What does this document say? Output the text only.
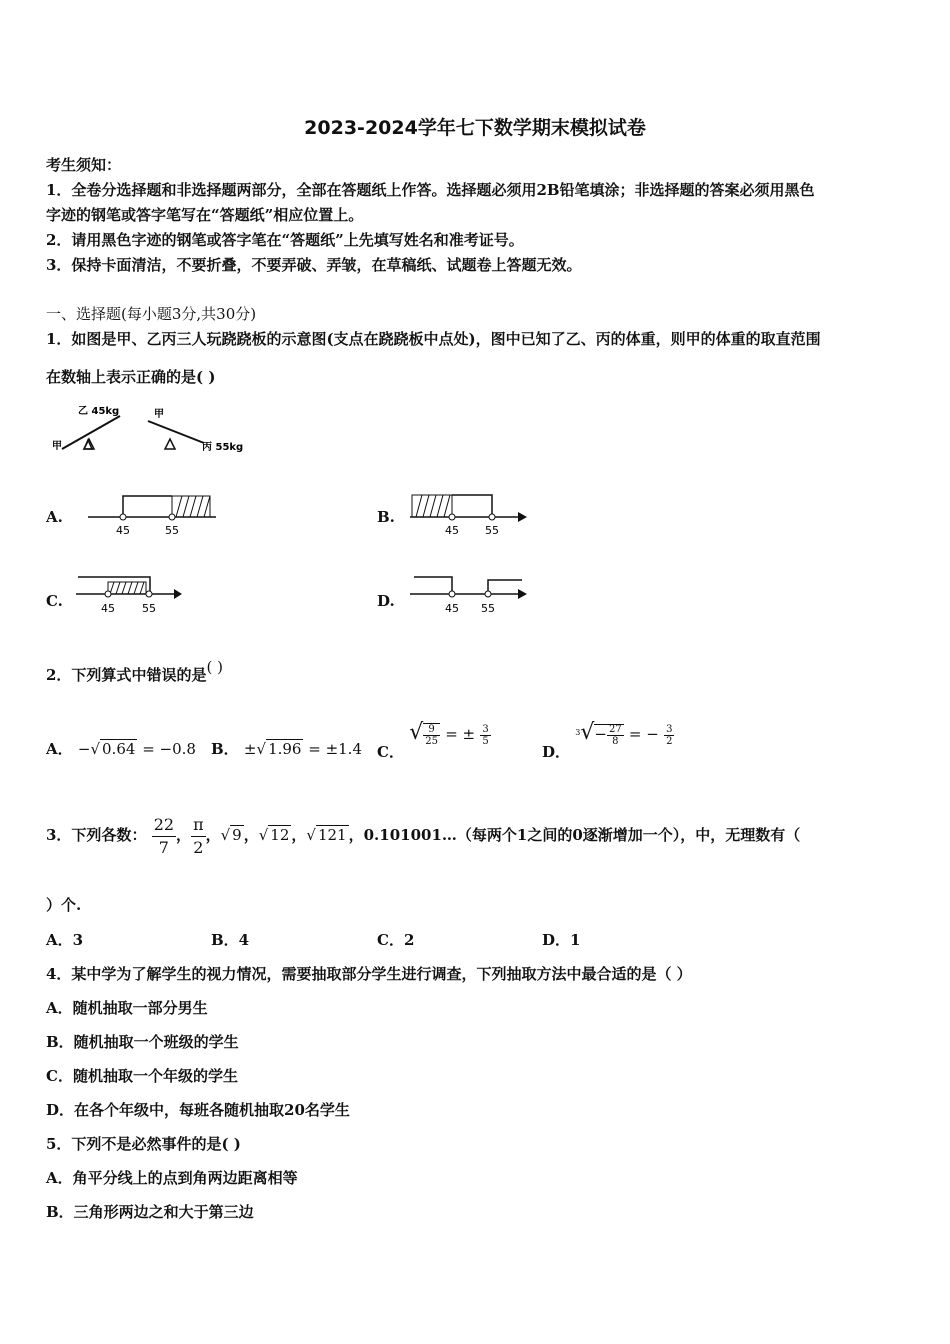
2023-2024学年七下数学期末模拟试卷
考生须知：
1．全卷分选择题和非选择题两部分，全部在答题纸上作答。选择题必须用2B铅笔填涂；非选择题的答案必须用黑色
字迹的钢笔或答字笔写在“答题纸”相应位置上。
2．请用黑色字迹的钢笔或答字笔在“答题纸”上先填写姓名和准考证号。
3．保持卡面清洁，不要折叠，不要弄破、弄皱，在草稿纸、试题卷上答题无效。
一、选择题(每小题3分,共30分)
1．如图是甲、乙丙三人玩跷跷板的示意图(支点在跷跷板中点处)，图中已知了乙、丙的体重，则甲的体重的取直范围
在数轴上表示正确的是( )
乙 45kg
甲
甲
丙 55kg
A.
45	55
B.
45 55
C.	45 55	D.	45 55
2．下列算式中错误的是( )
A． −√ 0.64 = −0.8 B． ±√ 1.96 = ±1.4 C． √ $\frac{9}{25}$ = ± $\frac{3}{5}$
D． $^3√- \frac{27}{8}$ = − $\frac{3}{2}$
3．下列各数： $\frac{22}{7}$ ， $\frac{\pi}{2}$ ，√ 9 ，√ 12 ，√ 121 ，0.101001…（每两个1之间的0逐渐增加一个），中，无理数有（
）个.
A．3	B．4	C．2	D．1
4．某中学为了解学生的视力情况，需要抽取部分学生进行调查，下列抽取方法中最合适的是（ ）
A．随机抽取一部分男生
B．随机抽取一个班级的学生
C．随机抽取一个年级的学生
D．在各个年级中，每班各随机抽取20名学生
5．下列不是必然事件的是( )
A．角平分线上的点到角两边距离相等
B．三角形两边之和大于第三边
